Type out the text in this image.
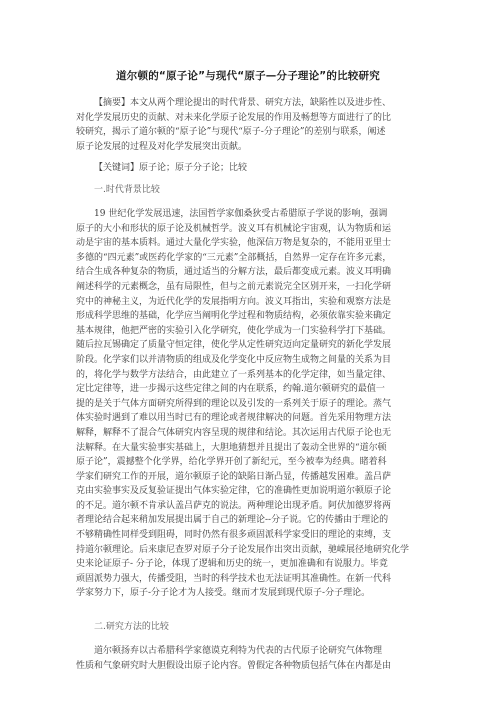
道尔顿的“原子论”与现代“原子—分子理论”的比较研究
【摘要】本文从两个理论提出的时代背景、研究方法，缺陷性以及进步性、
对化学发展历史的贡献、对未来化学原子论发展的作用及畅想等方面进行了的比
较研究，揭示了道尔顿的“原子论”与现代“原子-分子理论”的差别与联系，阐述
原子论发展的过程及对化学发展突出贡献。
【关键词】原子论；原子分子论；比较
一.时代背景比较
19 世纪化学发展迅速，法国哲学家伽桑狄受古希腊原子学说的影响，强调
原子的大小和形状的原子论及机械哲学。波义耳有机械论宇宙观，认为物质和运
动是宇宙的基本质料。通过大量化学实验，他深信万物是复杂的，不能用亚里士
多德的“四元素”或医药化学家的“三元素”全部概括，自然界一定存在许多元素，
结合生成各种复杂的物质，通过适当的分解方法，最后都变成元素。波义耳明确
阐述科学的元素概念，虽有局限性，但与之前元素说完全区别开来，一扫化学研
究中的神秘主义，为近代化学的发展指明方向。波义耳指出，实验和观察方法是
形成科学思维的基础，化学应当阐明化学过程和物质结构，必须依靠实验来确定
基本规律，他把严密的实验引入化学研究，使化学成为一门实验科学打下基础。
随后拉瓦锡确定了质量守恒定律，使化学从定性研究迈向定量研究的新化学发展
阶段。化学家们以并清物质的组成及化学变化中反应物生成物之间量的关系为目
的，将化学与数学方法结合，由此建立了一系列基本的化学定律，如当量定律、
定比定律等，进一步揭示这些定律之间的内在联系，约翰.道尔顿研究的最值一
提的是关于气体方面研究所得到的理论以及引发的一系列关于原子的理论。蒸气
体实验时遇到了难以用当时已有的理论或者规律解决的问题。首先采用物理方法
解释，解释不了混合气体研究内容呈现的规律和结论。其次运用古代原子论也无
法解释。在大量实验事实基础上，大胆地猜想并且提出了轰动全世界的“道尔顿
原子论”，震撼整个化学界，给化学界开创了新纪元，至今被奉为经典。睹着科
学家们研究工作的开展，道尔顿原子论的缺陷日渐凸显，传播越发困难。盖吕萨
克由实验事实及反复验证提出气体实验定律，它的准确性更加说明道尔顿原子论
的不足。道尔顿不肯承认盖吕萨克的说法。两种理论出现矛盾。阿伏加德罗将两
者理论结合起来稍加发展提出属于自己的新理论--分子说。它的传播由于理论的
不够精确性同样受到阻碍，同时仍然有很多顽固派科学家受旧的理论的束缚，支
持道尔顿理论。后来康尼查罗对原子分子论发展作出突出贡献，驰嵘展径地研究化学
史来论证原子- 分子论，体现了逻辑和历史的统一，更加准确和有说服力。毕竟
顽固派势力强大，传播受阻，当时的科学技术也无法证明其准确性。在新一代科
学家努力下，原子-分子论才为人接受。继而才发展到现代原子-分子理论。
二.研究方法的比较
道尔顿扬弃以古希腊科学家德谟克利特为代表的古代原子论研究气体物理
性质和气象研究时大胆假设出原子论内容。曾假定各种物质包括气体在内都是由
